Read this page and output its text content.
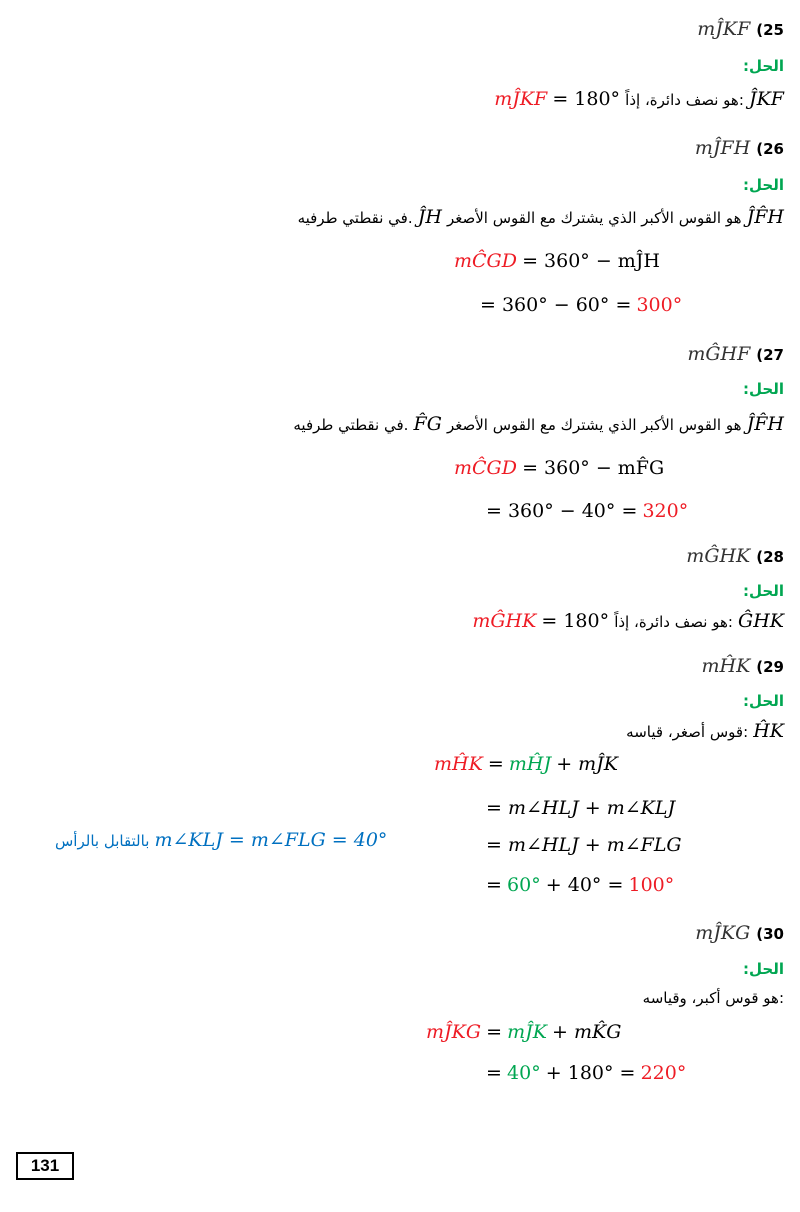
mĴKF (25
الحل:
mĴKF = 180° هو نصف دائرة، إذاً: ĴKF
mĴFH (26
الحل:
في نقطتي طرفيه. ĴH هو القوس الأكبر الذي يشترك مع القوس الأصغر ĴF̂H
mĈGD = 360° − mĴH
= 360° − 60° = 300°
mĜHF (27
الحل:
في نقطتي طرفيه. F̂G هو القوس الأكبر الذي يشترك مع القوس الأصغر ĴF̂H
mĈGD = 360° − mF̂G
= 360° − 40° = 320°
mĜHK (28
الحل:
mĜHK = 180° هو نصف دائرة، إذاً: ĜHK
mĤK (29
الحل:
قوس أصغر، قياسه: ĤK
mĤK = mĤJ + mĴK
= m∠HLJ + m∠KLJ
= m∠HLJ + m∠FLG
بالتقابل بالرأس m∠KLJ = m∠FLG = 40°
= 60° + 40° = 100°
mĴKG (30
الحل:
هو قوس أكبر، وقياسه:
mĴKG = mĴK + mK̂G
= 40° + 180° = 220°
131
